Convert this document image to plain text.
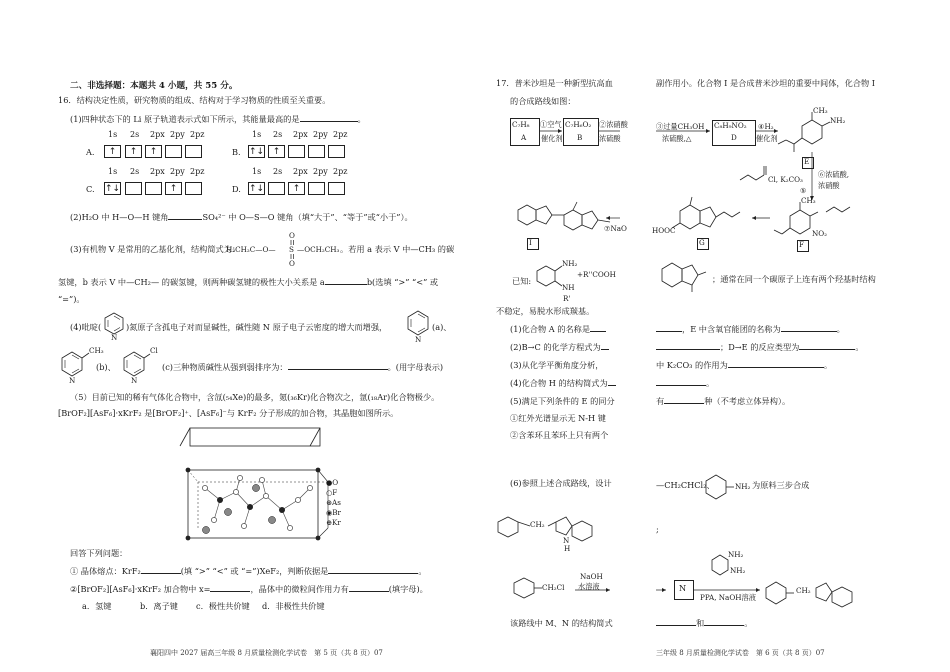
二、非选择题：本题共 4 小题，共 55 分。
16．结构决定性质，研究物质的组成、结构对于学习物质的性质至关重要。
(1)四种状态下的 Li 原子轨道表示式如下所示，其能量最高的是	。
A.
1s 2s 2px 2py 2pz
↑	↑	↑	B.
1s 2s 2px 2py 2pz
↑↓ ↑
C.
1s 2s 2px 2py 2pz
↑↓	↑	D.
1s 2s 2px 2py 2pz
↑↓	↑
(2)H₂O 中 H—O—H 键角	SO₄²⁻ 中 O—S—O 键角（填“大于”、“等于”或“小于”）。
(3)有机物 V 是常用的乙基化剂，结构简式为：
H₃CH₂C—O— S
O
O
—OCH₂CH₃ 。若用 a 表示 V 中—CH₃ 的碳
氢键，b 表示 V 中—CH₂— 的碳氢键，则两种碳氢键的极性大小关系是 a	b(选填 “>” “<” 或
“=”)。
(4)吡啶(
N
)氮原子含孤电子对而显碱性，碱性随 N 原子电子云密度的增大而增强，
N
(a)、
CH₃
N
(b)、
Cl
N
(c)三种物质碱性从强到弱排序为：	。(用字母表示)
（5）目前已知的稀有气体化合物中，含氙(₅₄Xe)的最多，氪(₃₆Kr)化合物次之，氩(₁₈Ar)化合物极少。
[BrOF₂][AsF₆]·xKrF₂ 是[BrOF₂]⁺、[AsF₆]⁻与 KrF₂ 分子形成的加合物，其晶胞如图所示。
●O
○F
⊛As
◉Br
⊕Kr
回答下列问题：
① 晶体熔点：KrF₂	(填 “>” “<” 或 “=”)XeF₂，判断依据是	。
②[BrOF₂][AsF₆]·xKrF₂ 加合物中 x=	，晶体中的微粒间作用力有	(填字母)。
a．氢键	b．离子键 c．极性共价键 d．非极性共价键
襄阳四中 2027 届高三年级 8 月质量检测化学试卷　第 5 页（共 8 页）07
17．普米沙坦是一种新型抗高血
的合成路线如图：
C₇H₈
A
①空气
催化剂
C₇H₆O₂
B
②浓硝酸
浓硫酸
I
⑦NaO
已知:
NH₂
NH
R'
+R''COOH
不稳定，易脱水形成羰基。
(1)化合物 A 的名称是
(2)B→C 的化学方程式为
(3)从化学平衡角度分析，
(4)化合物 H 的结构简式为
(5)满足下列条件的 E 的同分
①红外光谱显示无 N-H 键
②含苯环且苯环上只有两个
(6)参照上述合成路线，设计
CH₂
N
H
CH₂Cl
NaOH
水溶液
该路线中 M、N 的结构简式
副作用小。化合物 I 是合成普米沙坦的重要中间体，化合物 I
③过量CH₃OH
浓硫酸,△
C₈H₉NO₂
D
④H₂
催化剂
CH₃
NH₂
E
Cl, K₂CO₃
⑤
⑥浓硫酸,
浓硝酸
HOOC
G
CH₃
NO₂
F
；通常在同一个碳原子上连有两个羟基时结构
，E 中含氧官能团的名称为	。
；D→E 的反应类型为	。
中 K₂CO₃ 的作用为	。
。
有	种（不考虑立体异构）。
—CH₂CHCl₂、	NH₂ 为原料三步合成
;
N
NH₂
NH₂
PPA, NaOH溶液
CH₂
和	。
三年级 8 月质量检测化学试卷　第 6 页（共 8 页）07
